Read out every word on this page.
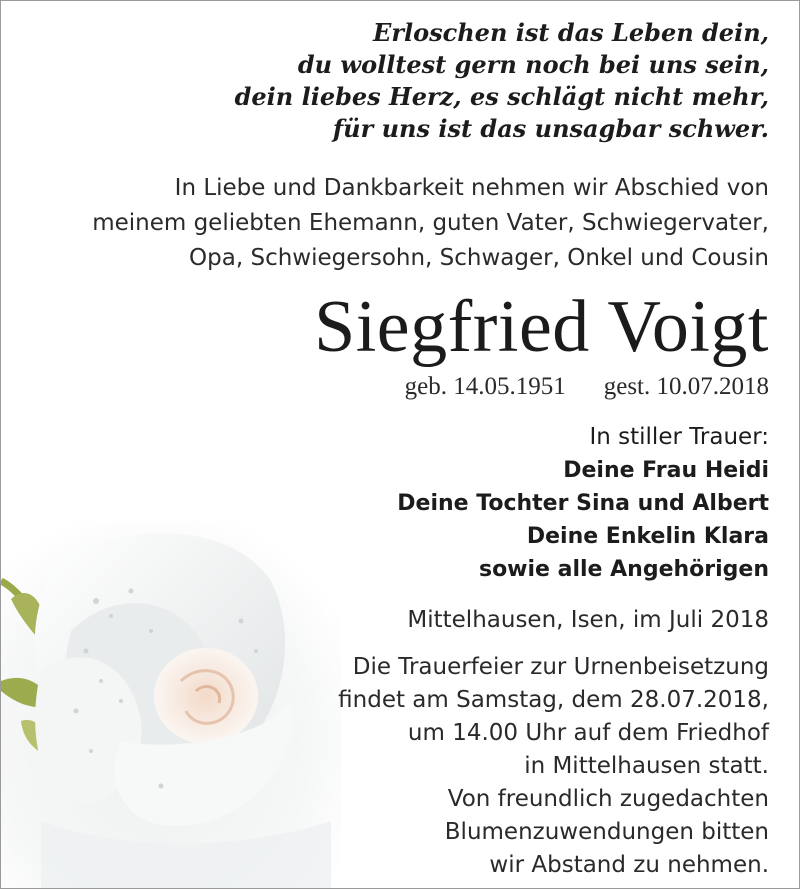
Erloschen ist das Leben dein,
du wolltest gern noch bei uns sein,
dein liebes Herz, es schlägt nicht mehr,
für uns ist das unsagbar schwer.
In Liebe und Dankbarkeit nehmen wir Abschied von
meinem geliebten Ehemann, guten Vater, Schwiegervater,
Opa, Schwiegersohn, Schwager, Onkel und Cousin
Siegfried Voigt
geb. 14.05.1951 gest. 10.07.2018
In stiller Trauer:
Deine Frau Heidi
Deine Tochter Sina und Albert
Deine Enkelin Klara
sowie alle Angehörigen
Mittelhausen, Isen, im Juli 2018
Die Trauerfeier zur Urnenbeisetzung
findet am Samstag, dem 28.07.2018,
um 14.00 Uhr auf dem Friedhof
in Mittelhausen statt.
Von freundlich zugedachten
Blumenzuwendungen bitten
wir Abstand zu nehmen.
